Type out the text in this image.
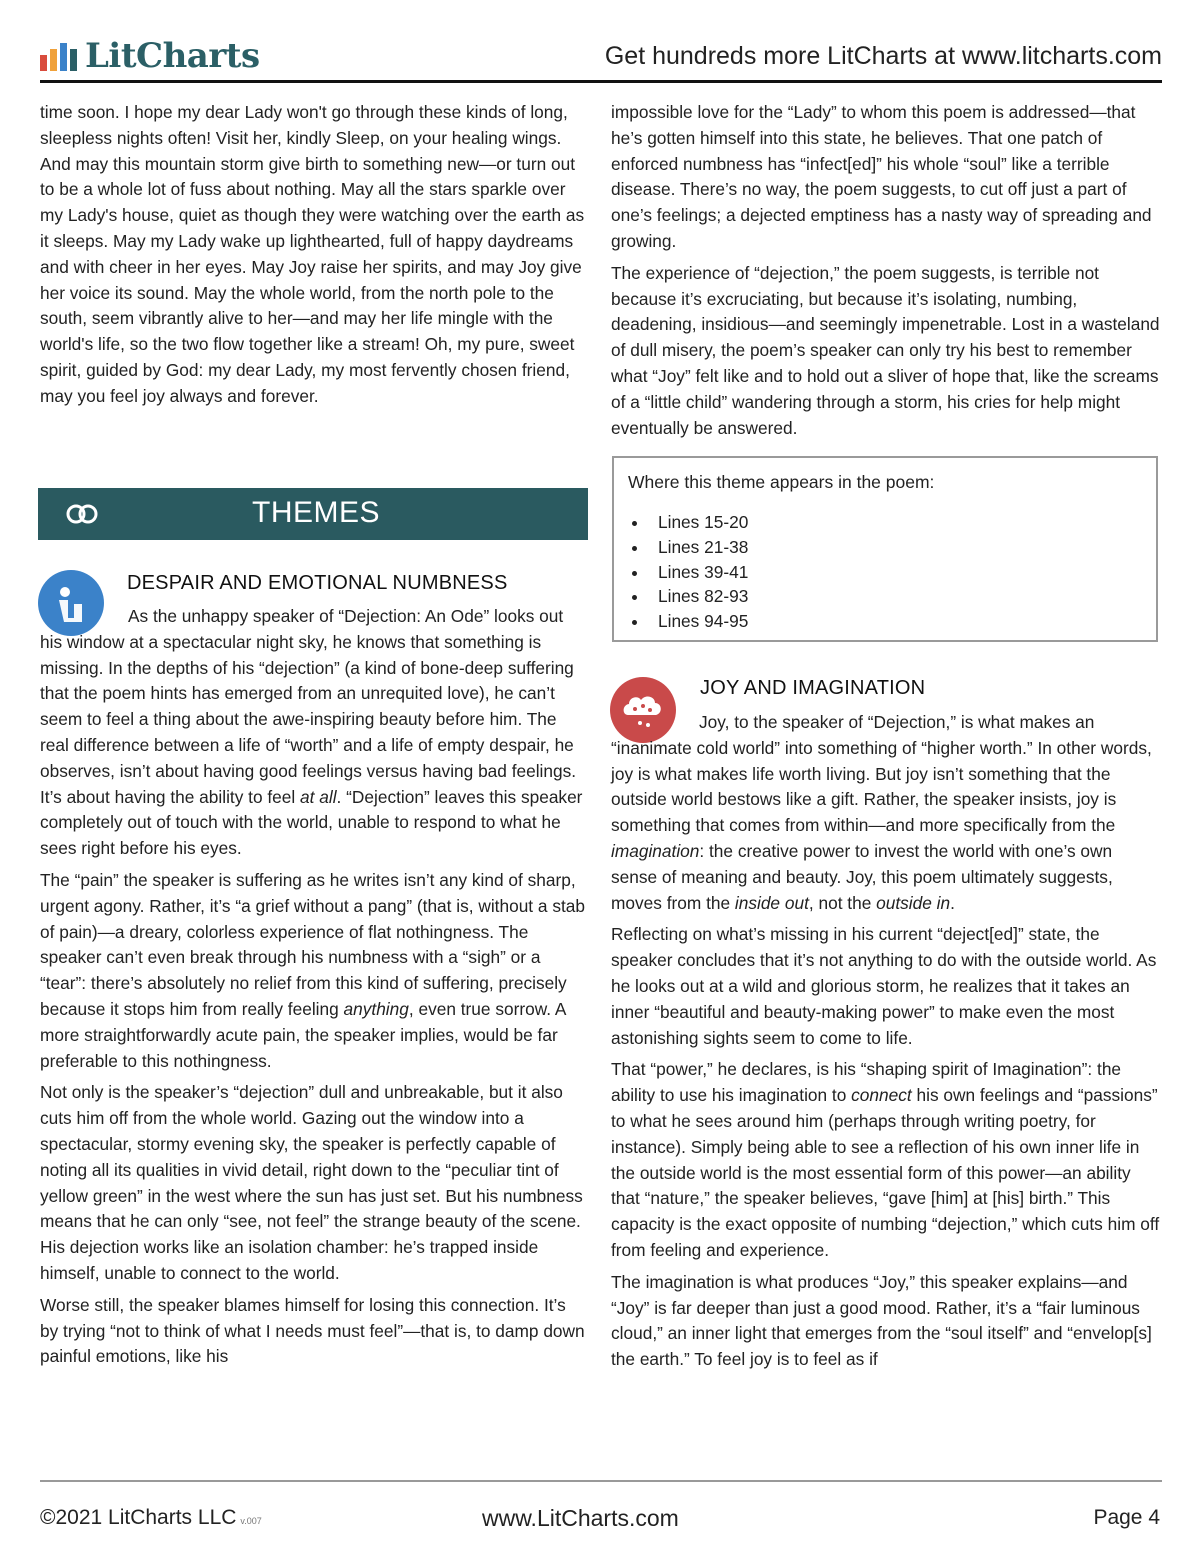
LitCharts	Get hundreds more LitCharts at www.litcharts.com

time soon. I hope my dear Lady won't go through these kinds of long, sleepless nights often! Visit her, kindly Sleep, on your healing wings. And may this mountain storm give birth to something new—or turn out to be a whole lot of fuss about nothing. May all the stars sparkle over my Lady's house, quiet as though they were watching over the earth as it sleeps. May my Lady wake up lighthearted, full of happy daydreams and with cheer in her eyes. May Joy raise her spirits, and may Joy give her voice its sound. May the whole world, from the north pole to the south, seem vibrantly alive to her—and may her life mingle with the world's life, so the two flow together like a stream! Oh, my pure, sweet spirit, guided by God: my dear Lady, my most fervently chosen friend, may you feel joy always and forever.

THEMES
DESPAIR AND EMOTIONAL NUMBNESS

As the unhappy speaker of “Dejection: An Ode” looks out his window at a spectacular night sky, he knows that something is missing. In the depths of his “dejection” (a kind of bone-deep suffering that the poem hints has emerged from an unrequited love), he can’t seem to feel a thing about the awe-inspiring beauty before him. The real difference between a life of “worth” and a life of empty despair, he observes, isn’t about having good feelings versus having bad feelings. It’s about having the ability to feel at all. “Dejection” leaves this speaker completely out of touch with the world, unable to respond to what he sees right before his eyes.

The “pain” the speaker is suffering as he writes isn’t any kind of sharp, urgent agony. Rather, it’s “a grief without a pang” (that is, without a stab of pain)—a dreary, colorless experience of flat nothingness. The speaker can’t even break through his numbness with a “sigh” or a “tear”: there’s absolutely no relief from this kind of suffering, precisely because it stops him from really feeling anything, even true sorrow. A more straightforwardly acute pain, the speaker implies, would be far preferable to this nothingness.

Not only is the speaker’s “dejection” dull and unbreakable, but it also cuts him off from the whole world. Gazing out the window into a spectacular, stormy evening sky, the speaker is perfectly capable of noting all its qualities in vivid detail, right down to the “peculiar tint of yellow green” in the west where the sun has just set. But his numbness means that he can only “see, not feel” the strange beauty of the scene. His dejection works like an isolation chamber: he’s trapped inside himself, unable to connect to the world.

Worse still, the speaker blames himself for losing this connection. It’s by trying “not to think of what I needs must feel”—that is, to damp down painful emotions, like his

impossible love for the “Lady” to whom this poem is addressed—that he’s gotten himself into this state, he believes. That one patch of enforced numbness has “infect[ed]” his whole “soul” like a terrible disease. There’s no way, the poem suggests, to cut off just a part of one’s feelings; a dejected emptiness has a nasty way of spreading and growing.

The experience of “dejection,” the poem suggests, is terrible not because it’s excruciating, but because it’s isolating, numbing, deadening, insidious—and seemingly impenetrable. Lost in a wasteland of dull misery, the poem’s speaker can only try his best to remember what “Joy” felt like and to hold out a sliver of hope that, like the screams of a “little child” wandering through a storm, his cries for help might eventually be answered.

Where this theme appears in the poem:
Lines 15-20
Lines 21-38
Lines 39-41
Lines 82-93
Lines 94-95
JOY AND IMAGINATION

Joy, to the speaker of “Dejection,” is what makes an “inanimate cold world” into something of “higher worth.” In other words, joy is what makes life worth living. But joy isn’t something that the outside world bestows like a gift. Rather, the speaker insists, joy is something that comes from within—and more specifically from the imagination: the creative power to invest the world with one’s own sense of meaning and beauty. Joy, this poem ultimately suggests, moves from the inside out, not the outside in.

Reflecting on what’s missing in his current “deject[ed]” state, the speaker concludes that it’s not anything to do with the outside world. As he looks out at a wild and glorious storm, he realizes that it takes an inner “beautiful and beauty-making power” to make even the most astonishing sights seem to come to life.

That “power,” he declares, is his “shaping spirit of Imagination”: the ability to use his imagination to connect his own feelings and “passions” to what he sees around him (perhaps through writing poetry, for instance). Simply being able to see a reflection of his own inner life in the outside world is the most essential form of this power—an ability that “nature,” the speaker believes, “gave [him] at [his] birth.” This capacity is the exact opposite of numbing “dejection,” which cuts him off from feeling and experience.

The imagination is what produces “Joy,” this speaker explains—and “Joy” is far deeper than just a good mood. Rather, it’s a “fair luminous cloud,” an inner light that emerges from the “soul itself” and “envelop[s] the earth.” To feel joy is to feel as if

©2021 LitCharts LLC v.007	www.LitCharts.com	Page 4
